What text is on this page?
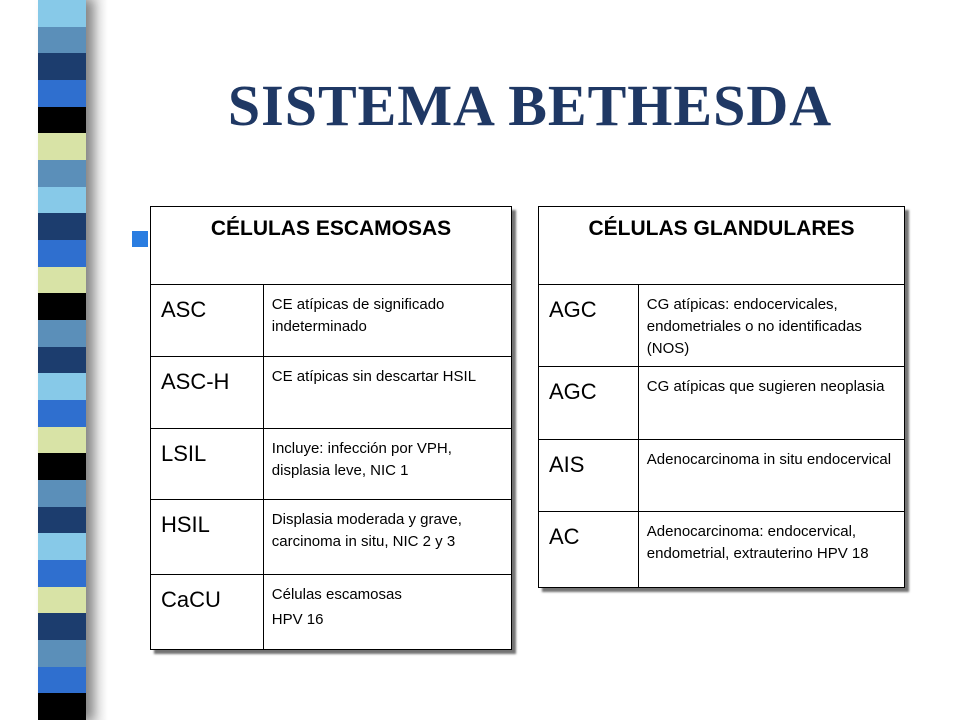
SISTEMA BETHESDA
CÉLULAS ESCAMOSAS	
ASC	CE atípicas de significado indeterminado
ASC-H	CE atípicas sin descartar HSIL
LSIL	Incluye: infección por VPH, displasia leve, NIC 1
HSIL	Displasia moderada y grave, carcinoma in situ, NIC 2 y 3
CaCU	Células escamosas
HPV 16
CÉLULAS GLANDULARES	
AGC	CG atípicas: endocervicales, endometriales o no identificadas (NOS)
AGC	CG atípicas que sugieren neoplasia
AIS	Adenocarcinoma in situ endocervical
AC	Adenocarcinoma: endocervical, endometrial, extrauterino HPV 18
